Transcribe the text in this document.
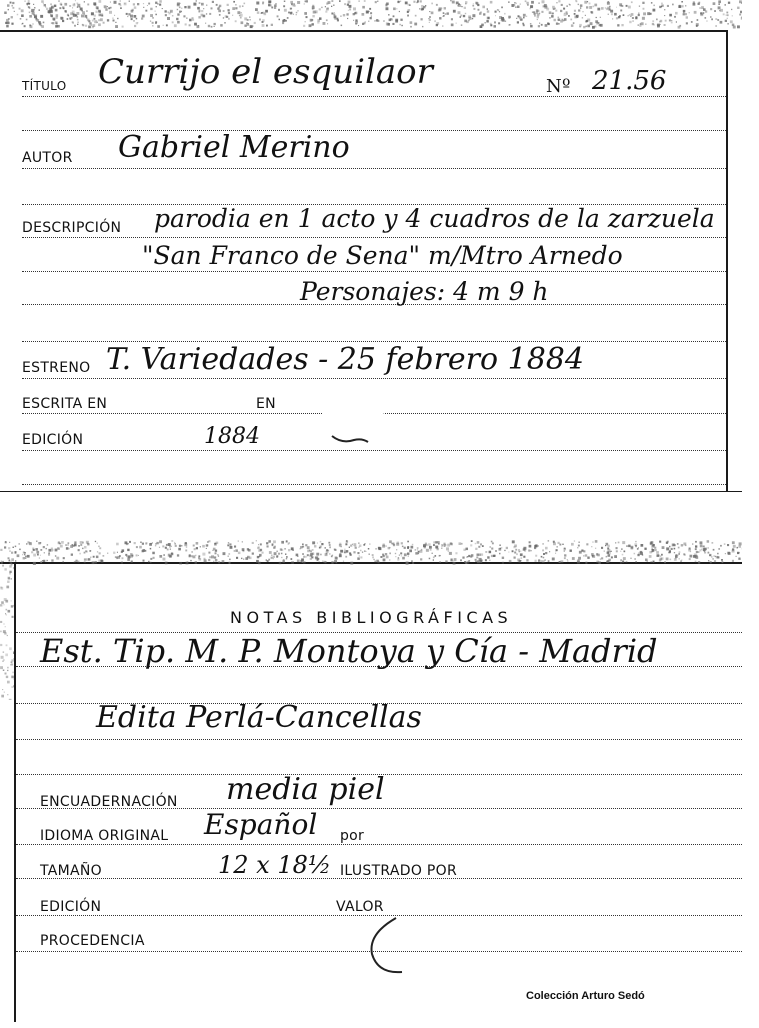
TÍTULO Currijo el esquilaor	Nº 21.56
AUTOR Gabriel Merino
DESCRIPCIÓN parodia en 1 acto y 4 cuadros de la zarzuela
"San Franco de Sena" m/Mtro Arnedo
Personajes: 4 m 9 h
ESTRENO T. Variedades - 25 febrero 1884
ESCRITA EN	EN
EDICIÓN	1884
NOTAS BIBLIOGRÁFICAS
Est. Tip. M. P. Montoya y Cía - Madrid
Edita Perlá-Cancellas
ENCUADERNACIÓN media piel
IDIOMA ORIGINAL Español por
TAMAÑO	12 x 18½ ILUSTRADO POR
EDICIÓN	VALOR
PROCEDENCIA
Colección Arturo Sedó
